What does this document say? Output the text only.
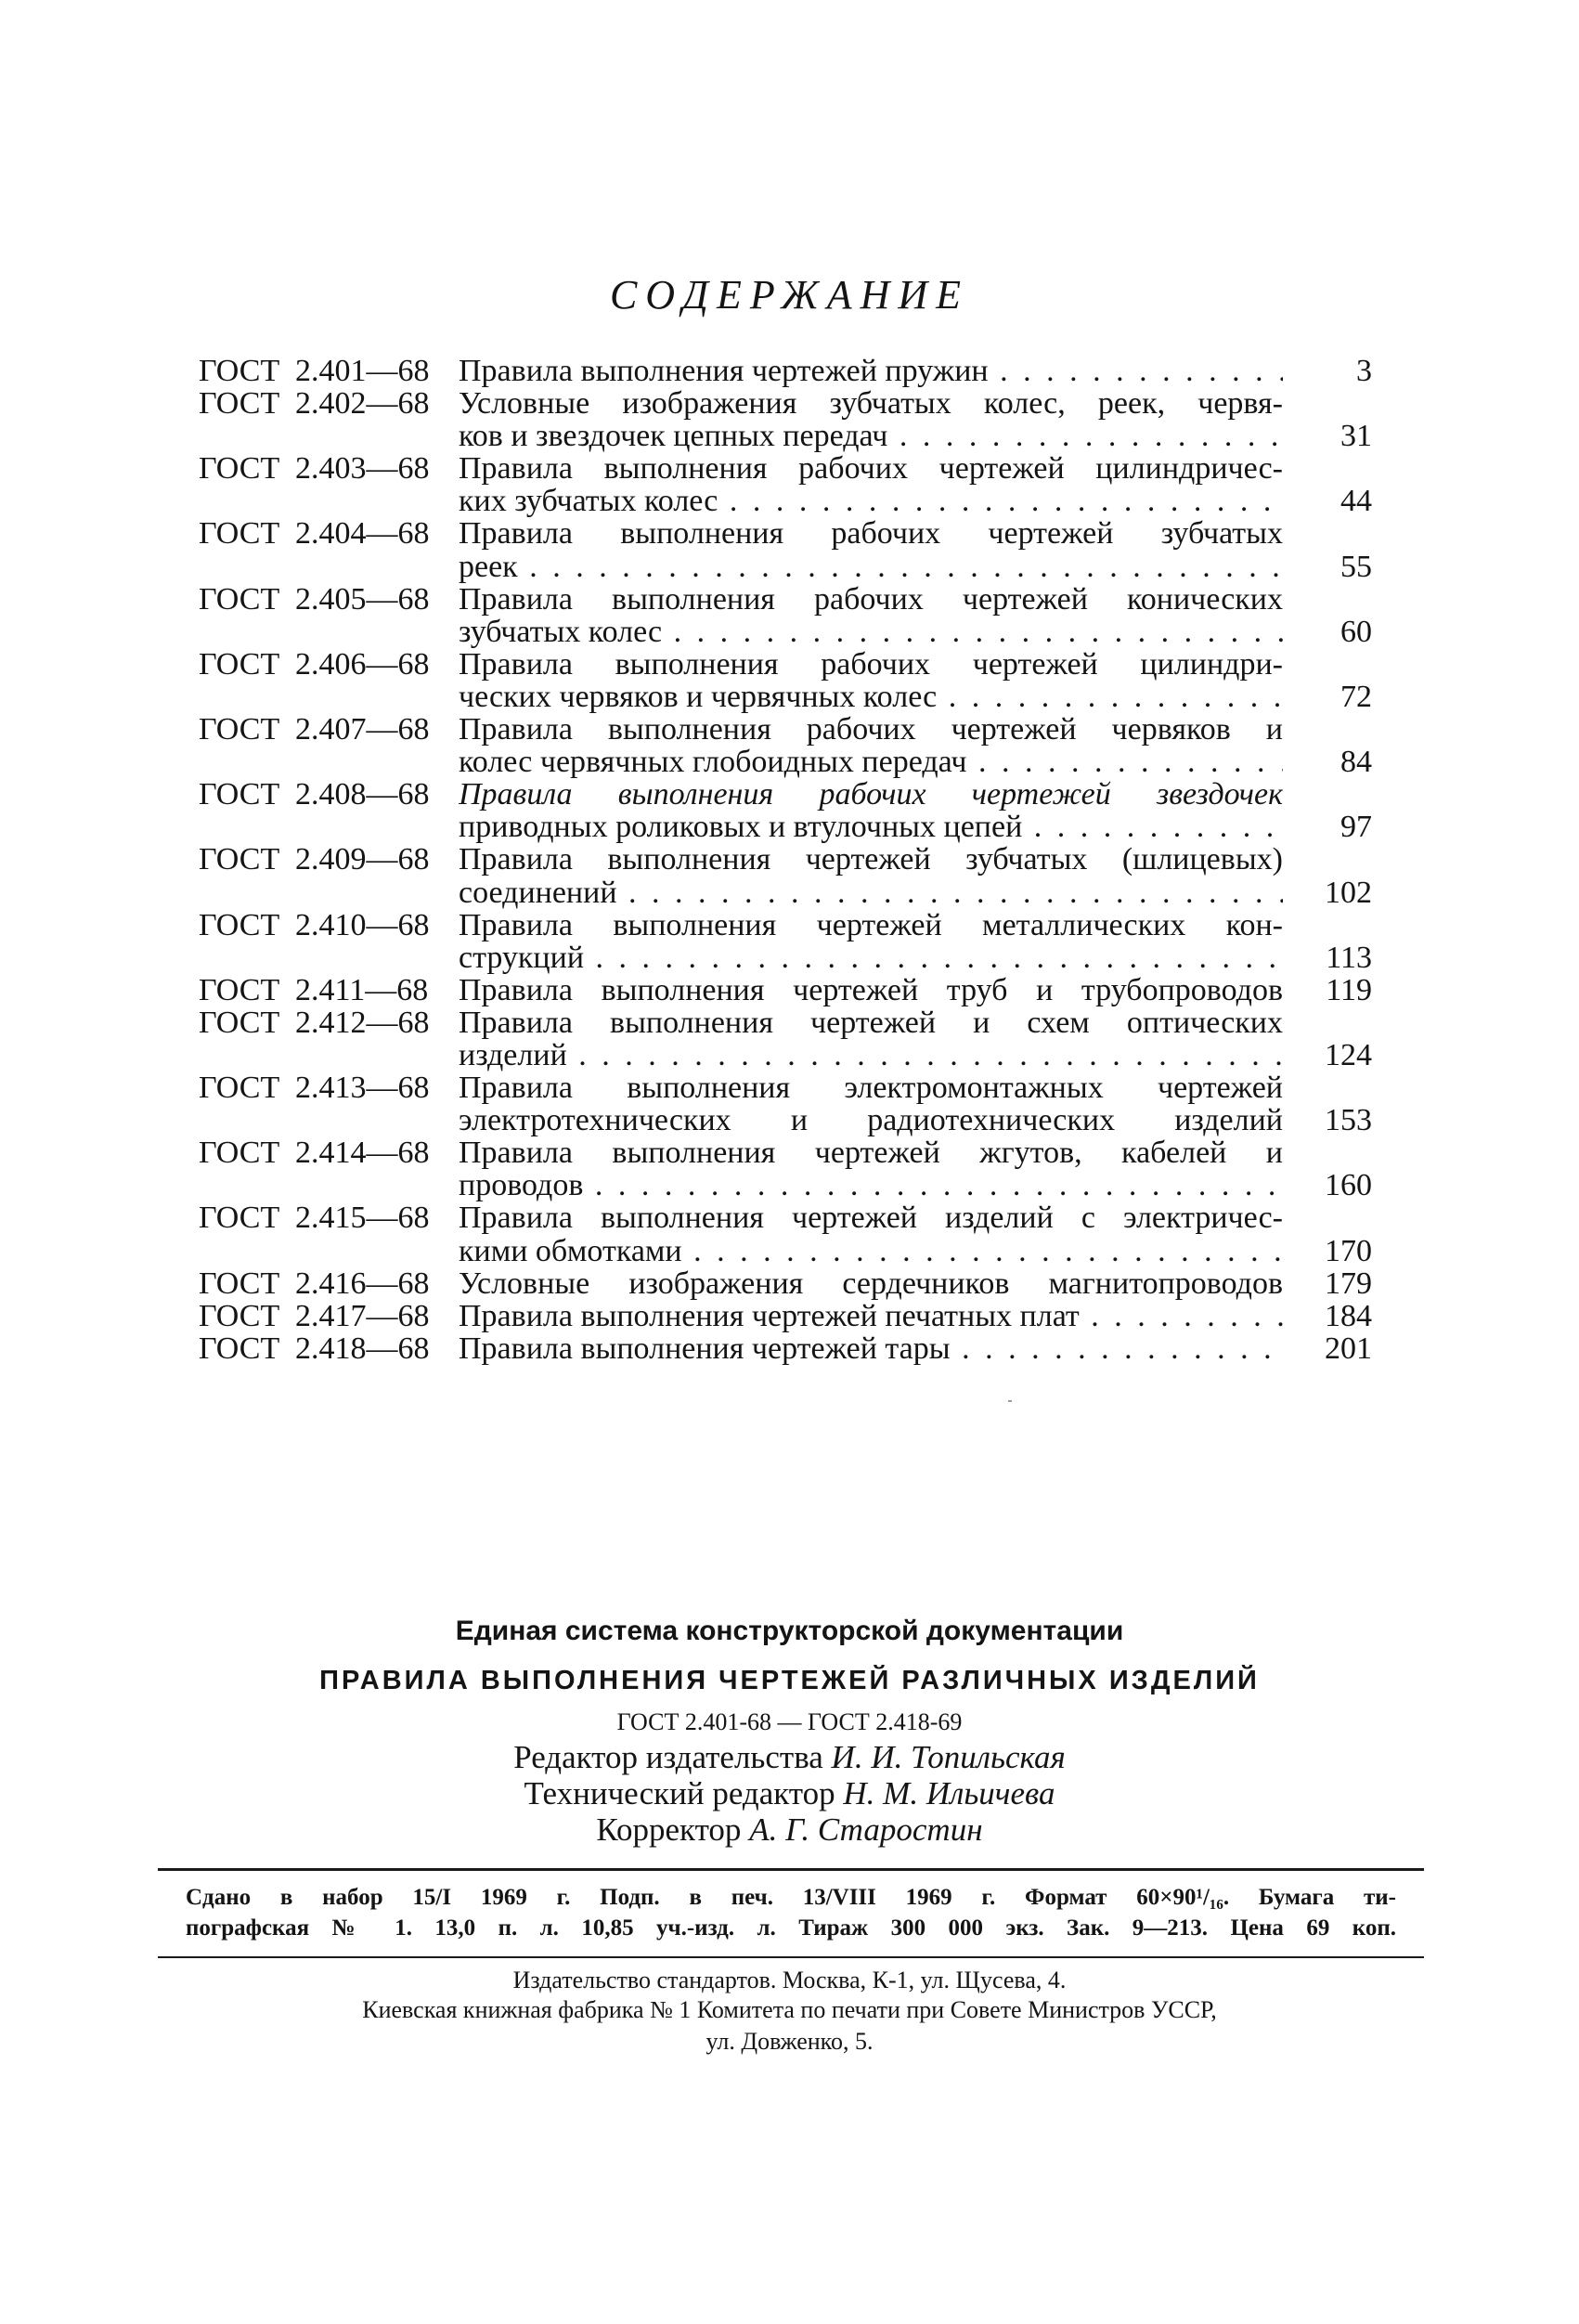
СОДЕРЖАНИЕ
ГОСТ 2.401—68 Правила выполнения чертежей пружин . . .	3
ГОСТ 2.402—68 Условные изображения зубчатых колес, реек, червя-
ков и звездочек цепных передач . . .	31
ГОСТ 2.403—68 Правила выполнения рабочих чертежей цилиндричес-
ких зубчатых колес . . .	44
ГОСТ 2.404—68 Правила выполнения рабочих чертежей зубчатых
реек . . .	55
ГОСТ 2.405—68 Правила выполнения рабочих чертежей конических
зубчатых колес . . .	60
ГОСТ 2.406—68 Правила выполнения рабочих чертежей цилиндри-
ческих червяков и червячных колес . . .	72
ГОСТ 2.407—68 Правила выполнения рабочих чертежей червяков и
колес червячных глобоидных передач . . .	84
ГОСТ 2.408—68 Правила выполнения рабочих чертежей звездочек
приводных роликовых и втулочных цепей . . .	97
ГОСТ 2.409—68 Правила выполнения чертежей зубчатых (шлицевых)
соединений . . .	102
ГОСТ 2.410—68 Правила выполнения чертежей металлических кон-
струкций . . .	113
ГОСТ 2.411—68 Правила выполнения чертежей труб и трубопроводов	119
ГОСТ 2.412—68 Правила выполнения чертежей и схем оптических
изделий . . .	124
ГОСТ 2.413—68 Правила выполнения электромонтажных чертежей
электротехнических и радиотехнических изделий	153
ГОСТ 2.414—68 Правила выполнения чертежей жгутов, кабелей и
проводов . . .	160
ГОСТ 2.415—68 Правила выполнения чертежей изделий с электричес-
кими обмотками . . .	170
ГОСТ 2.416—68 Условные изображения сердечников магнитопроводов	179
ГОСТ 2.417—68 Правила выполнения чертежей печатных плат . . .	184
ГОСТ 2.418—68 Правила выполнения чертежей тары . . .	201
Единая система конструкторской документации
ПРАВИЛА ВЫПОЛНЕНИЯ ЧЕРТЕЖЕЙ РАЗЛИЧНЫХ ИЗДЕЛИЙ
ГОСТ 2.401-68 — ГОСТ 2.418-69
Редактор издательства И. И. Топильская
Технический редактор Н. М. Ильичева
Корректор А. Г. Старостин
Сдано в набор 15/I 1969 г. Подп. в печ. 13/VIII 1969 г. Формат 60×90¹/₁₆. Бумага ти-
пографская № 1. 13,0 п. л. 10,85 уч.-изд. л. Тираж 300 000 экз. Зак. 9—213. Цена 69 коп.
Издательство стандартов. Москва, К-1, ул. Щусева, 4.
Киевская книжная фабрика № 1 Комитета по печати при Совете Министров УССР,
ул. Довженко, 5.
